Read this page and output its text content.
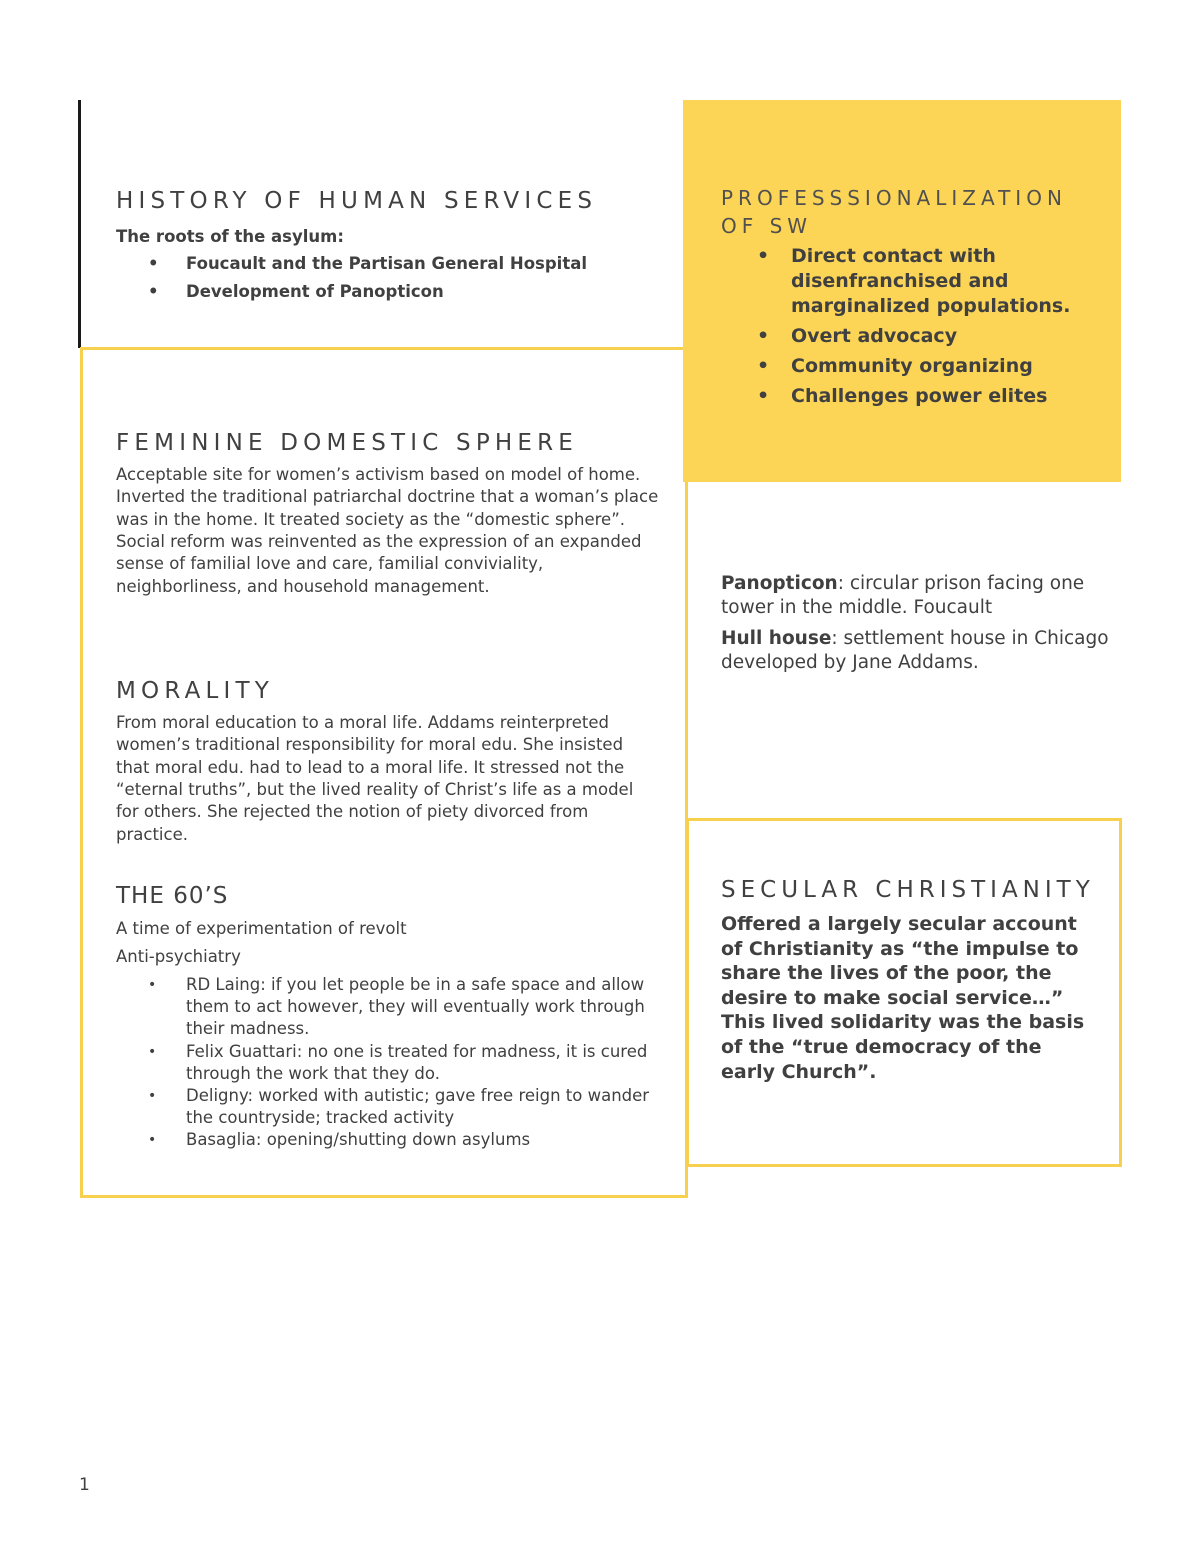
HISTORY OF HUMAN SERVICES

The roots of the asylum:

• Foucault and the Partisan General Hospital
• Development of Panopticon
FEMININE DOMESTIC SPHERE

Acceptable site for women’s activism based on model of home. Inverted the traditional patriarchal doctrine that a woman’s place was in the home. It treated society as the “domestic sphere”. Social reform was reinvented as the expression of an expanded sense of familial love and care, familial conviviality, neighborliness, and household management.

MORALITY

From moral education to a moral life. Addams reinterpreted women’s traditional responsibility for moral edu. She insisted that moral edu. had to lead to a moral life. It stressed not the “eternal truths”, but the lived reality of Christ’s life as a model for others. She rejected the notion of piety divorced from practice.

THE 60’S

A time of experimentation of revolt

Anti-psychiatry

• RD Laing: if you let people be in a safe space and allow them to act however, they will eventually work through their madness.
• Felix Guattari: no one is treated for madness, it is cured through the work that they do.
• Deligny: worked with autistic; gave free reign to wander the countryside; tracked activity
• Basaglia: opening/shutting down asylums
PROFESSSIONALIZATION OF SW
• Direct contact with disenfranchised and marginalized populations.
• Overt advocacy
• Community organizing
• Challenges power elites

Panopticon: circular prison facing one tower in the middle. Foucault

Hull house: settlement house in Chicago developed by Jane Addams.

SECULAR CHRISTIANITY

Offered a largely secular account of Christianity as “the impulse to share the lives of the poor, the desire to make social service…” This lived solidarity was the basis of the “true democracy of the early Church”.

1
